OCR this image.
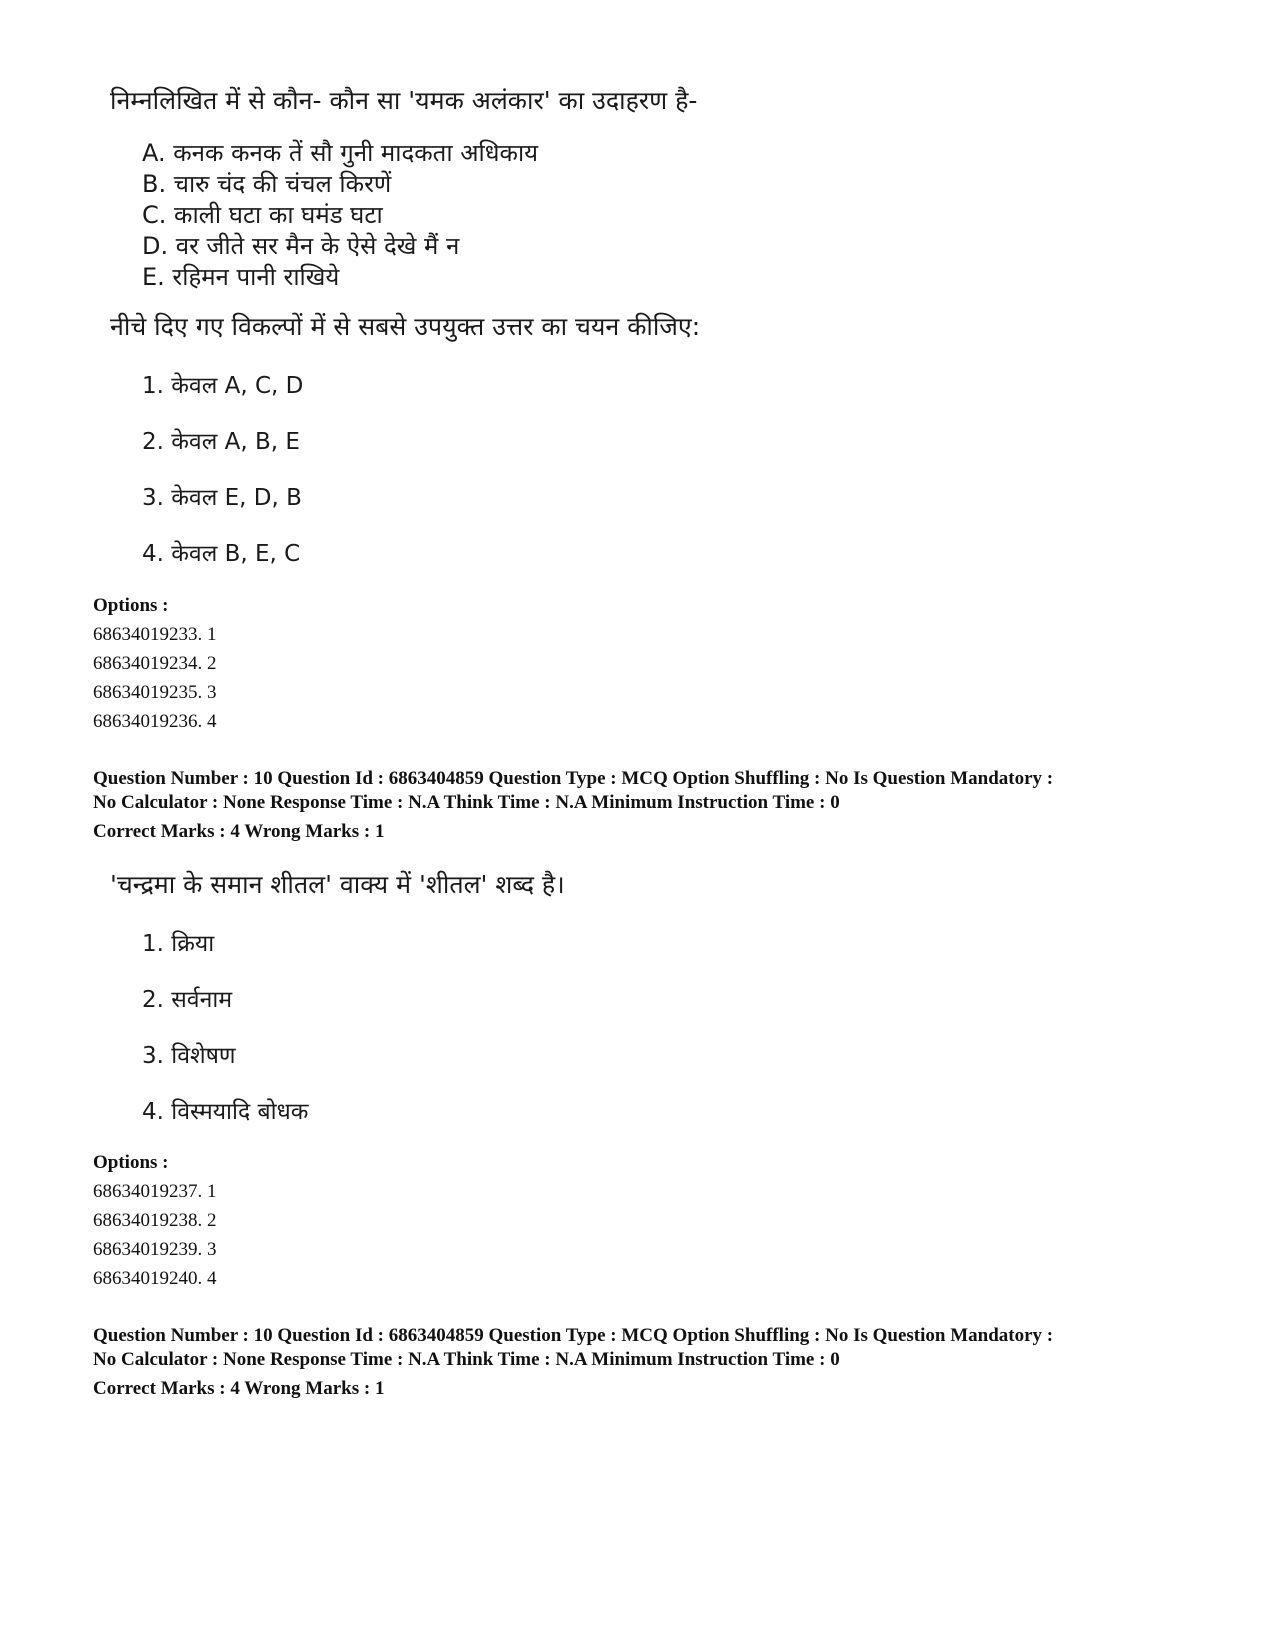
निम्नलिखित में से कौन- कौन सा 'यमक अलंकार' का उदाहरण है-

A. कनक कनक तें सौ गुनी मादकता अधिकाय
B. चारु चंद की चंचल किरणें
C. काली घटा का घमंड घटा
D. वर जीते सर मैन के ऐसे देखे मैं न
E. रहिमन पानी राखिये

नीचे दिए गए विकल्पों में से सबसे उपयुक्त उत्तर का चयन कीजिए:

1. केवल A, C, D
2. केवल A, B, E
3. केवल E, D, B
4. केवल B, E, C
Options :
68634019233. 1
68634019234. 2
68634019235. 3
68634019236. 4
Question Number : 10 Question Id : 6863404859 Question Type : MCQ Option Shuffling : No Is Question Mandatory :
No Calculator : None Response Time : N.A Think Time : N.A Minimum Instruction Time : 0
Correct Marks : 4 Wrong Marks : 1

'चन्द्रमा के समान शीतल' वाक्य में 'शीतल' शब्द है।

1. क्रिया
2. सर्वनाम
3. विशेषण
4. विस्मयादि बोधक
Options :
68634019237. 1
68634019238. 2
68634019239. 3
68634019240. 4
Question Number : 10 Question Id : 6863404859 Question Type : MCQ Option Shuffling : No Is Question Mandatory :
No Calculator : None Response Time : N.A Think Time : N.A Minimum Instruction Time : 0
Correct Marks : 4 Wrong Marks : 1
